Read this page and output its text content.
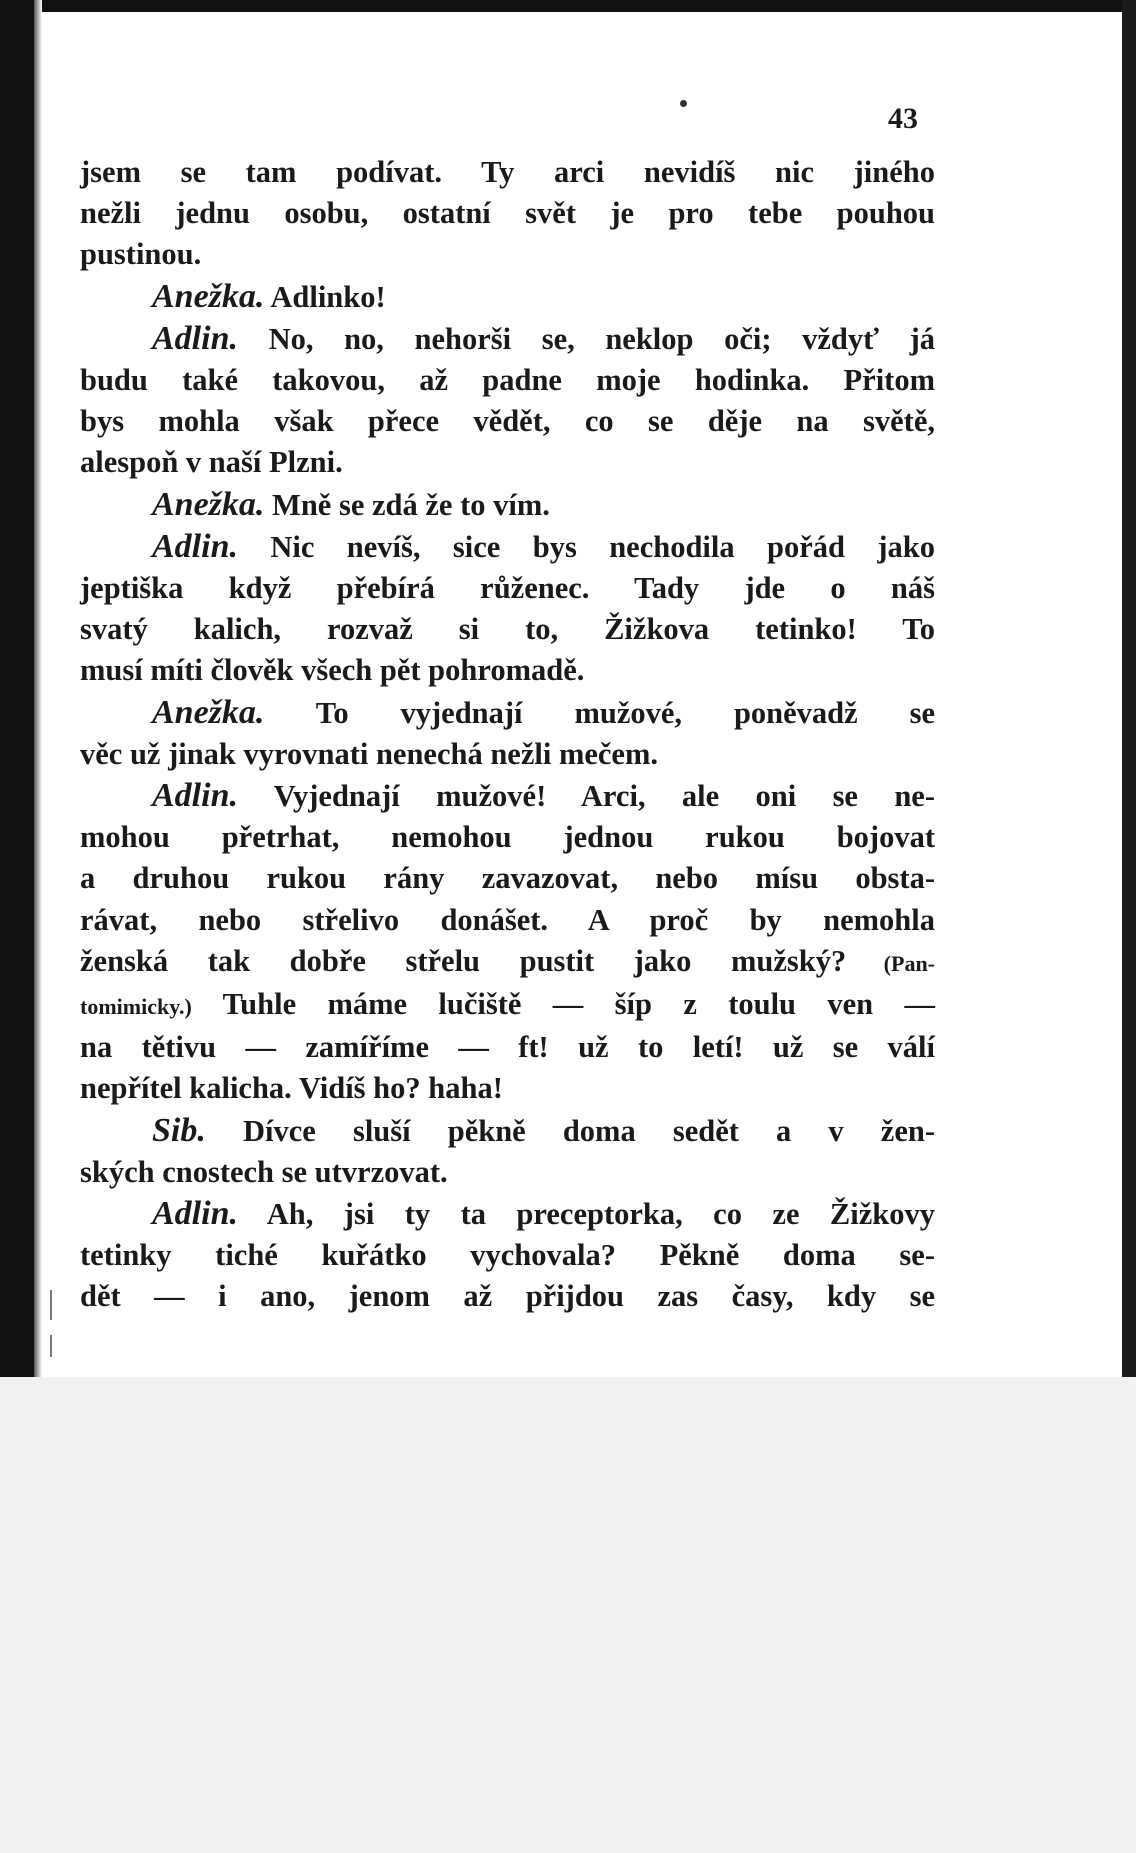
43
jsem se tam podívat. Ty arci nevidíš nic jiného
nežli jednu osobu, ostatní svět je pro tebe pouhou
pustinou.
Anežka. Adlinko!
Adlin. No, no, nehorši se, neklop oči; vždyť já
budu také takovou, až padne moje hodinka. Přitom
bys mohla však přece vědět, co se děje na světě,
alespoň v naší Plzni.
Anežka. Mně se zdá že to vím.
Adlin. Nic nevíš, sice bys nechodila pořád jako
jeptiška když přebírá růženec. Tady jde o náš
svatý kalich, rozvaž si to, Žižkova tetinko! To
musí míti člověk všech pět pohromadě.
Anežka. To vyjednají mužové, poněvadž se
věc už jinak vyrovnati nenechá nežli mečem.
Adlin. Vyjednají mužové! Arci, ale oni se ne-
mohou přetrhat, nemohou jednou rukou bojovat
a druhou rukou rány zavazovat, nebo mísu obsta-
rávat, nebo střelivo donášet. A proč by nemohla
ženská tak dobře střelu pustit jako mužský? (Pan-
tomimicky.) Tuhle máme lučiště — šíp z toulu ven —
na tětivu — zamíříme — ft! už to letí! už se válí
nepřítel kalicha. Vidíš ho? haha!
Sib. Dívce sluší pěkně doma sedět a v žen-
ských cnostech se utvrzovat.
Adlin. Ah, jsi ty ta preceptorka, co ze Žižkovy
tetinky tiché kuřátko vychovala? Pěkně doma se-
dět — i ano, jenom až přijdou zas časy, kdy se
